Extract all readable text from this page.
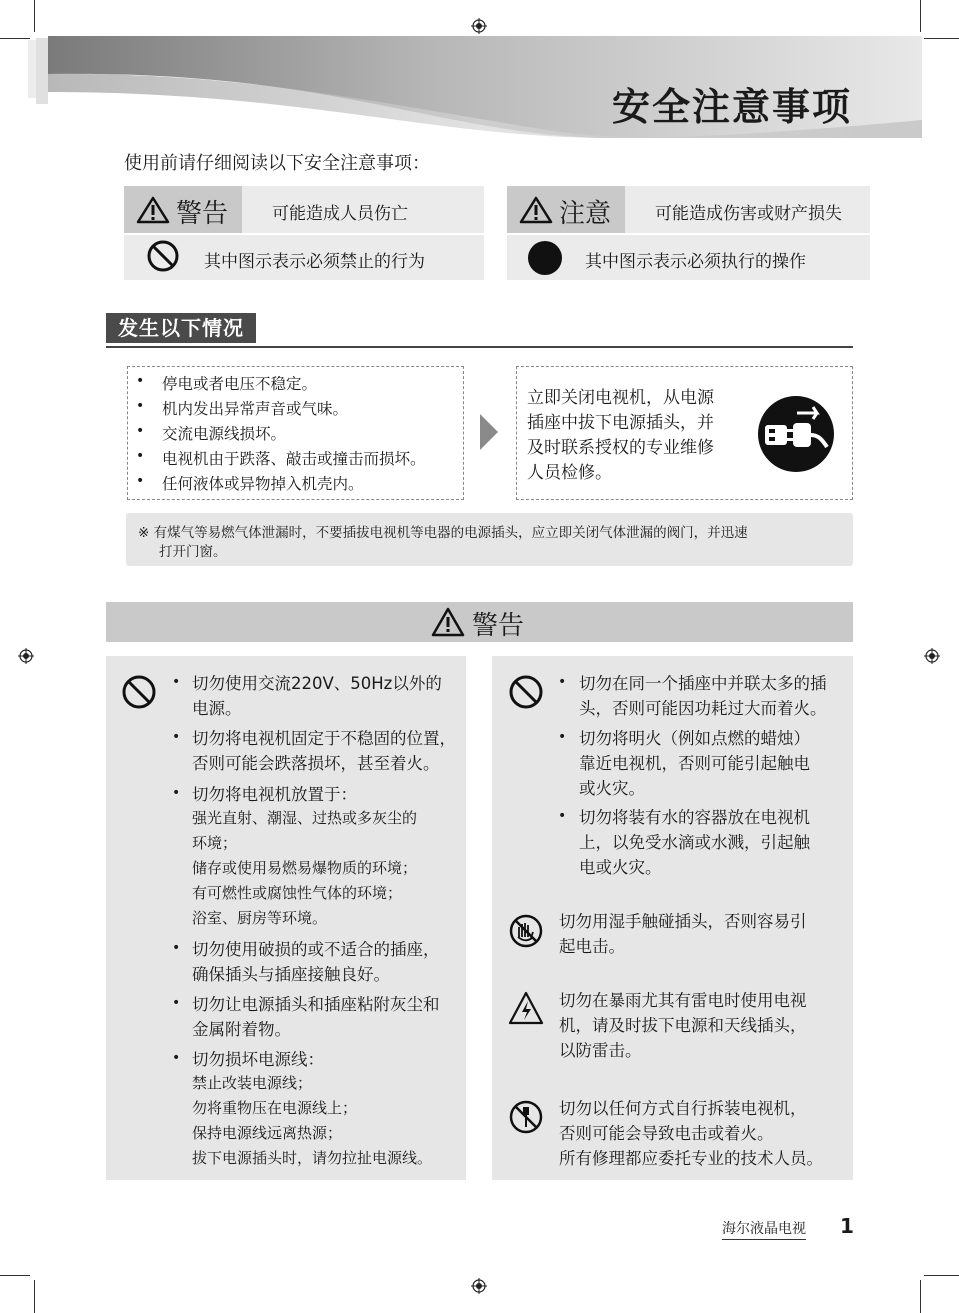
安全注意事项
使用前请仔细阅读以下安全注意事项：
警告	可能造成人员伤亡
其中图示表示必须禁止的行为
注意	可能造成伤害或财产损失
其中图示表示必须执行的操作
发生以下情况
• 停电或者电压不稳定。
• 机内发出异常声音或气味。
• 交流电源线损坏。
• 电视机由于跌落、敲击或撞击而损坏。
• 任何液体或异物掉入机壳内。
立即关闭电视机，从电源
插座中拔下电源插头，并
及时联系授权的专业维修
人员检修。
※ 有煤气等易燃气体泄漏时，不要插拔电视机等电器的电源插头，应立即关闭气体泄漏的阀门，并迅速
打开门窗。
警告
• 切勿使用交流220V、50Hz以外的
电源。
• 切勿将电视机固定于不稳固的位置，
否则可能会跌落损坏，甚至着火。
• 切勿将电视机放置于：
强光直射、潮湿、过热或多灰尘的
环境；
储存或使用易燃易爆物质的环境；
有可燃性或腐蚀性气体的环境；
浴室、厨房等环境。
• 切勿使用破损的或不适合的插座，
确保插头与插座接触良好。
• 切勿让电源插头和插座粘附灰尘和
金属附着物。
• 切勿损坏电源线：
禁止改装电源线；
勿将重物压在电源线上；
保持电源线远离热源；
拔下电源插头时，请勿拉扯电源线。
• 切勿在同一个插座中并联太多的插
头，否则可能因功耗过大而着火。
• 切勿将明火（例如点燃的蜡烛）
靠近电视机，否则可能引起触电
或火灾。
• 切勿将装有水的容器放在电视机
上，以免受水滴或水溅，引起触
电或火灾。
切勿用湿手触碰插头，否则容易引
起电击。
切勿在暴雨尤其有雷电时使用电视
机，请及时拔下电源和天线插头，
以防雷击。
切勿以任何方式自行拆装电视机，
否则可能会导致电击或着火。
所有修理都应委托专业的技术人员。
海尔液晶电视 1
